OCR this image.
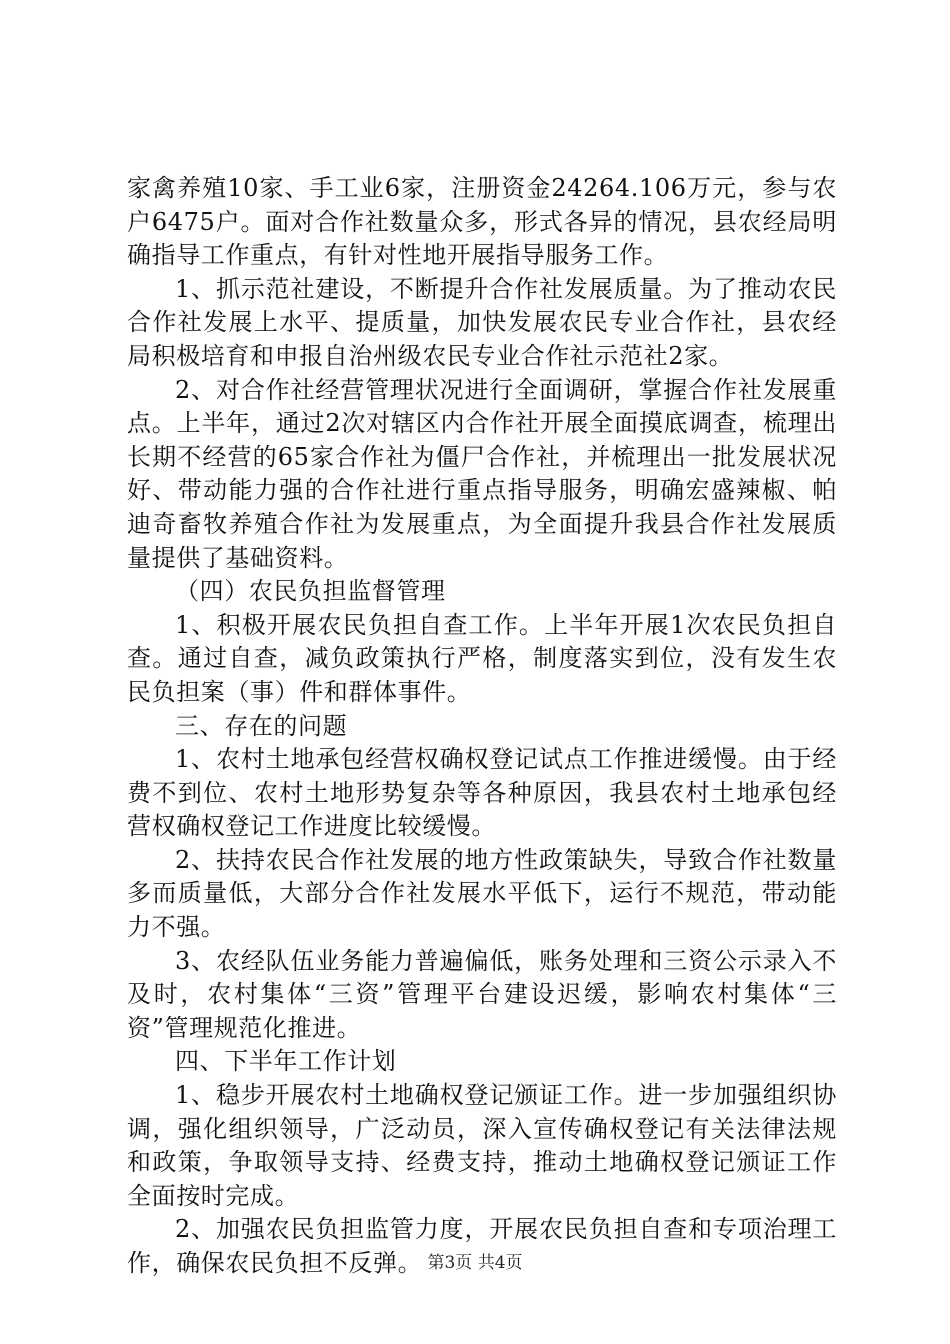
家禽养殖10家、手工业6家，注册资金24264.106万元，参与农户6475户。面对合作社数量众多，形式各异的情况，县农经局明确指导工作重点，有针对性地开展指导服务工作。

1、抓示范社建设，不断提升合作社发展质量。为了推动农民合作社发展上水平、提质量，加快发展农民专业合作社，县农经局积极培育和申报自治州级农民专业合作社示范社2家。

2、对合作社经营管理状况进行全面调研，掌握合作社发展重点。上半年，通过2次对辖区内合作社开展全面摸底调查，梳理出长期不经营的65家合作社为僵尸合作社，并梳理出一批发展状况好、带动能力强的合作社进行重点指导服务，明确宏盛辣椒、帕迪奇畜牧养殖合作社为发展重点，为全面提升我县合作社发展质量提供了基础资料。

（四）农民负担监督管理

1、积极开展农民负担自查工作。上半年开展1次农民负担自查。通过自查，减负政策执行严格，制度落实到位，没有发生农民负担案（事）件和群体事件。

三、存在的问题

1、农村土地承包经营权确权登记试点工作推进缓慢。由于经费不到位、农村土地形势复杂等各种原因，我县农村土地承包经营权确权登记工作进度比较缓慢。

2、扶持农民合作社发展的地方性政策缺失，导致合作社数量多而质量低，大部分合作社发展水平低下，运行不规范，带动能力不强。

3、农经队伍业务能力普遍偏低，账务处理和三资公示录入不及时，农村集体“三资”管理平台建设迟缓，影响农村集体“三资”管理规范化推进。

四、下半年工作计划

1、稳步开展农村土地确权登记颁证工作。进一步加强组织协调，强化组织领导，广泛动员，深入宣传确权登记有关法律法规和政策，争取领导支持、经费支持，推动土地确权登记颁证工作全面按时完成。

2、加强农民负担监管力度，开展农民负担自查和专项治理工作，确保农民负担不反弹。 第3页 共4页
